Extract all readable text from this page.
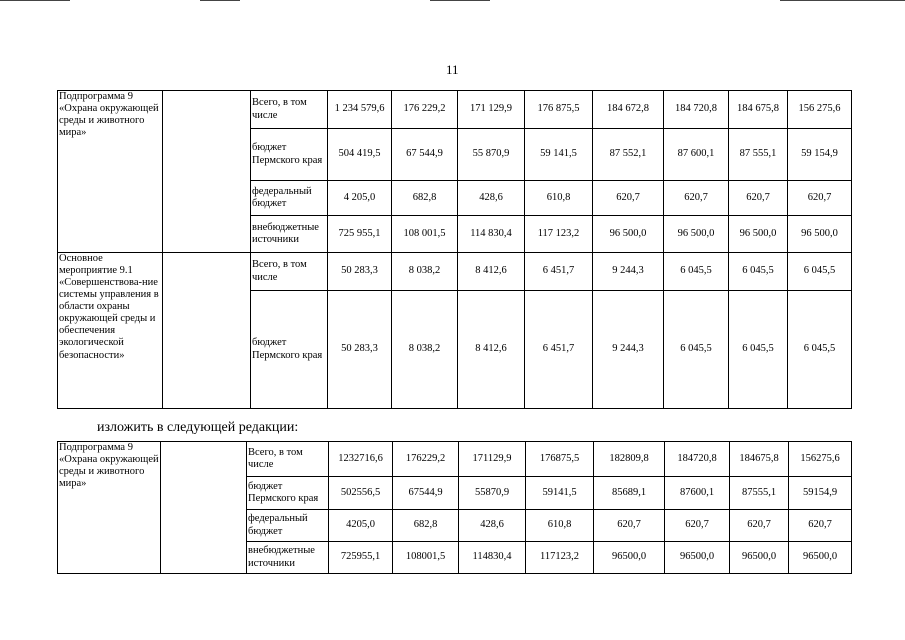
11
Подпрограмма 9 «Охрана окружающей среды и животного мира»		Всего, в том числе	1 234 579,6	176 229,2	171 129,9	176 875,5	184 672,8	184 720,8	184 675,8	156 275,6
		бюджет Пермского края	504 419,5	67 544,9	55 870,9	59 141,5	87 552,1	87 600,1	87 555,1	59 154,9
		федеральный бюджет	4 205,0	682,8	428,6	610,8	620,7	620,7	620,7	620,7
		внебюджетные источники	725 955,1	108 001,5	114 830,4	117 123,2	96 500,0	96 500,0	96 500,0	96 500,0
Основное мероприятие 9.1 «Совершенствова-ние системы управления в области охраны окружающей среды и обеспечения экологической безопасности»		Всего, в том числе	50 283,3	8 038,2	8 412,6	6 451,7	9 244,3	6 045,5	6 045,5	6 045,5
		бюджет Пермского края	50 283,3	8 038,2	8 412,6	6 451,7	9 244,3	6 045,5	6 045,5	6 045,5
изложить в следующей редакции:
Подпрограмма 9 «Охрана окружающей среды и животного мира»		Всего, в том числе	1232716,6	176229,2	171129,9	176875,5	182809,8	184720,8	184675,8	156275,6
		бюджет Пермского края	502556,5	67544,9	55870,9	59141,5	85689,1	87600,1	87555,1	59154,9
		федеральный бюджет	4205,0	682,8	428,6	610,8	620,7	620,7	620,7	620,7
		внебюджетные источники	725955,1	108001,5	114830,4	117123,2	96500,0	96500,0	96500,0	96500,0
